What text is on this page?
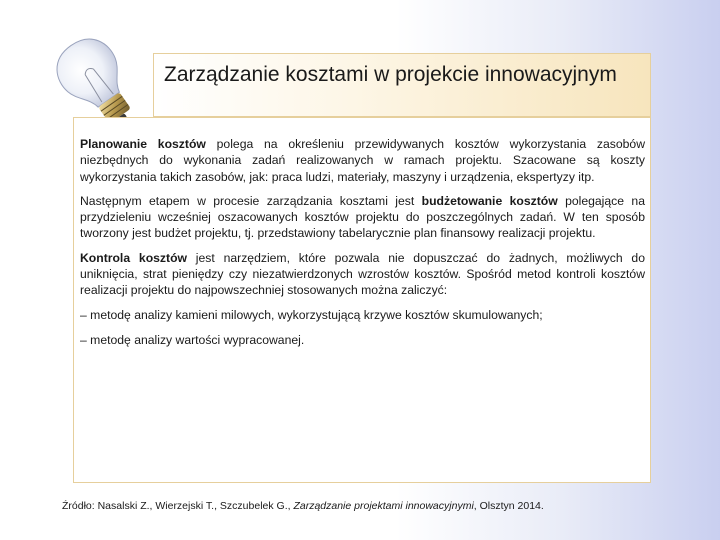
Zarządzanie kosztami w projekcie innowacyjnym

Planowanie kosztów polega na określeniu przewidywanych kosztów wykorzystania zasobów niezbędnych do wykonania zadań realizowanych w ramach projektu. Szacowane są koszty wykorzystania takich zasobów, jak: praca ludzi, materiały, maszyny i urządzenia, ekspertyzy itp.

Następnym etapem w procesie zarządzania kosztami jest budżetowanie kosztów polegające na przydzieleniu wcześniej oszacowanych kosztów projektu do poszczególnych zadań. W ten sposób tworzony jest budżet projektu, tj. przedstawiony tabelarycznie plan finansowy realizacji projektu.

Kontrola kosztów jest narzędziem, które pozwala nie dopuszczać do żadnych, możliwych do uniknięcia, strat pieniędzy czy niezatwierdzonych wzrostów kosztów. Spośród metod kontroli kosztów realizacji projektu do najpowszechniej stosowanych można zaliczyć:

– metodę analizy kamieni milowych, wykorzystującą krzywe kosztów skumulowanych;

– metodę analizy wartości wypracowanej.

Źródło: Nasalski Z., Wierzejski T., Szczubelek G., Zarządzanie projektami innowacyjnymi, Olsztyn 2014.
